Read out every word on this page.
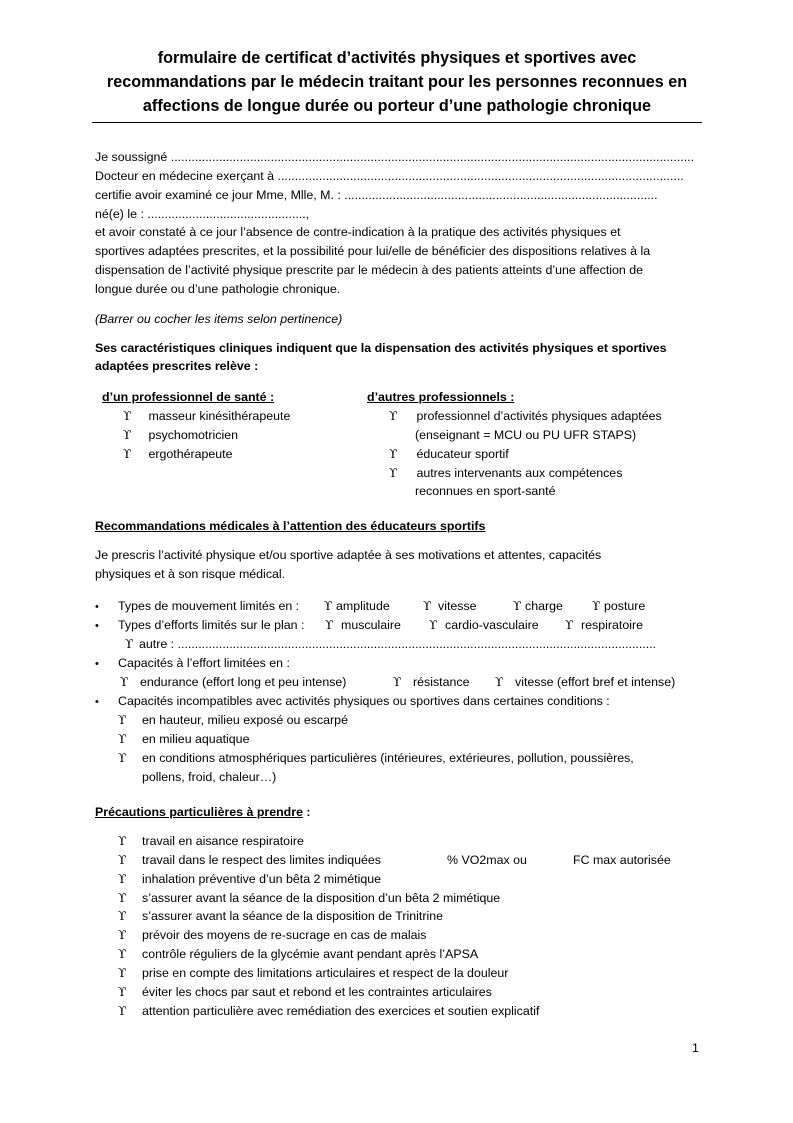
formulaire de certificat d’activités physiques et sportives avec
recommandations par le médecin traitant pour les personnes reconnues en
affections de longue durée ou porteur d’une pathologie chronique
Je soussigné ........................................................................................................................................................
Docteur en médecine exerçant à ......................................................................................................................
certifie avoir examiné ce jour Mme, Mlle, M. : ...........................................................................................
né(e) le : ..............................................,
et avoir constaté à ce jour l’absence de contre-indication à la pratique des activités physiques et
sportives adaptées prescrites, et la possibilité pour lui/elle de bénéficier des dispositions relatives à la
dispensation de l’activité physique prescrite par le médecin à des patients atteints d’une affection de
longue durée ou d’une pathologie chronique.
(Barrer ou cocher les items selon pertinence)
Ses caractéristiques cliniques indiquent que la dispensation des activités physiques et sportives
adaptées prescrites relève :
d’un professionnel de santé :
ϒ masseur kinésithérapeute
ϒ psychomotricien
ϒ ergothérapeute
d’autres professionnels :
ϒ professionnel d’activités physiques adaptées
(enseignant = MCU ou PU UFR STAPS)
ϒ éducateur sportif
ϒ autres intervenants aux compétences
reconnues en sport-santé
Recommandations médicales à l’attention des éducateurs sportifs
Je prescris l’activité physique et/ou sportive adaptée à ses motivations et attentes, capacités
physiques et à son risque médical.
• Types de mouvement limités en : ϒ amplitude	ϒ vitesse	ϒ charge ϒ posture
• Types d’efforts limités sur le plan : ϒ musculaire ϒ cardio-vasculaire ϒ respiratoire
ϒ autre : ...........................................................................................................................................
• Capacités à l’effort limitées en :
ϒ endurance (effort long et peu intense)	ϒ résistance ϒ vitesse (effort bref et intense)
• Capacités incompatibles avec activités physiques ou sportives dans certaines conditions :
ϒ en hauteur, milieu exposé ou escarpé
ϒ en milieu aquatique
ϒ en conditions atmosphériques particulières (intérieures, extérieures, pollution, poussières,
pollens, froid, chaleur…)
Précautions particulières à prendre :
ϒ travail en aisance respiratoire
ϒ travail dans le respect des limites indiquées	% VO2max ou	FC max autorisée
ϒ inhalation préventive d’un bêta 2 mimétique
ϒ s’assurer avant la séance de la disposition d’un bêta 2 mimétique
ϒ s’assurer avant la séance de la disposition de Trinitrine
ϒ prévoir des moyens de re-sucrage en cas de malais
ϒ contrôle réguliers de la glycémie avant pendant après l’APSA
ϒ prise en compte des limitations articulaires et respect de la douleur
ϒ éviter les chocs par saut et rebond et les contraintes articulaires
ϒ attention particulière avec remédiation des exercices et soutien explicatif
1
